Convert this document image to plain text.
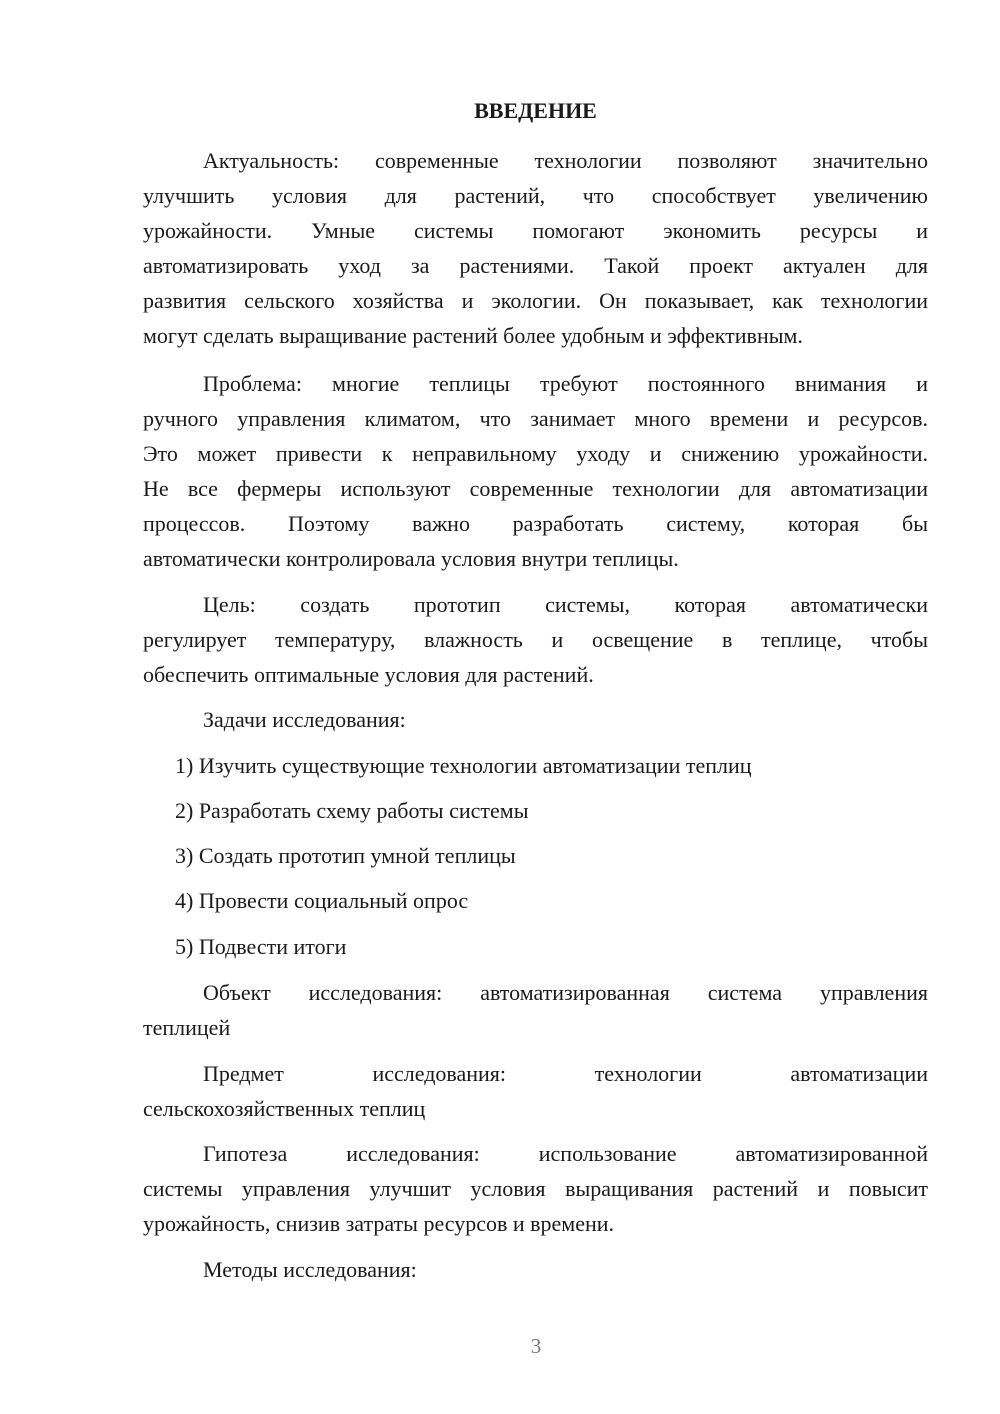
ВВЕДЕНИЕ
Актуальность: современные технологии позволяют значительно
улучшить условия для растений, что способствует увеличению
урожайности. Умные системы помогают экономить ресурсы и
автоматизировать уход за растениями. Такой проект актуален для
развития сельского хозяйства и экологии. Он показывает, как технологии
могут сделать выращивание растений более удобным и эффективным.
Проблема: многие теплицы требуют постоянного внимания и
ручного управления климатом, что занимает много времени и ресурсов.
Это может привести к неправильному уходу и снижению урожайности.
Не все фермеры используют современные технологии для автоматизации
процессов. Поэтому важно разработать систему, которая бы
автоматически контролировала условия внутри теплицы.
Цель: создать прототип системы, которая автоматически
регулирует температуру, влажность и освещение в теплице, чтобы
обеспечить оптимальные условия для растений.
Задачи исследования:
1) Изучить существующие технологии автоматизации теплиц
2) Разработать схему работы системы
3) Создать прототип умной теплицы
4) Провести социальный опрос
5) Подвести итоги
Объект исследования: автоматизированная система управления
теплицей
Предмет исследования: технологии автоматизации
сельскохозяйственных теплиц
Гипотеза исследования: использование автоматизированной
системы управления улучшит условия выращивания растений и повысит
урожайность, снизив затраты ресурсов и времени.
Методы исследования:
3
